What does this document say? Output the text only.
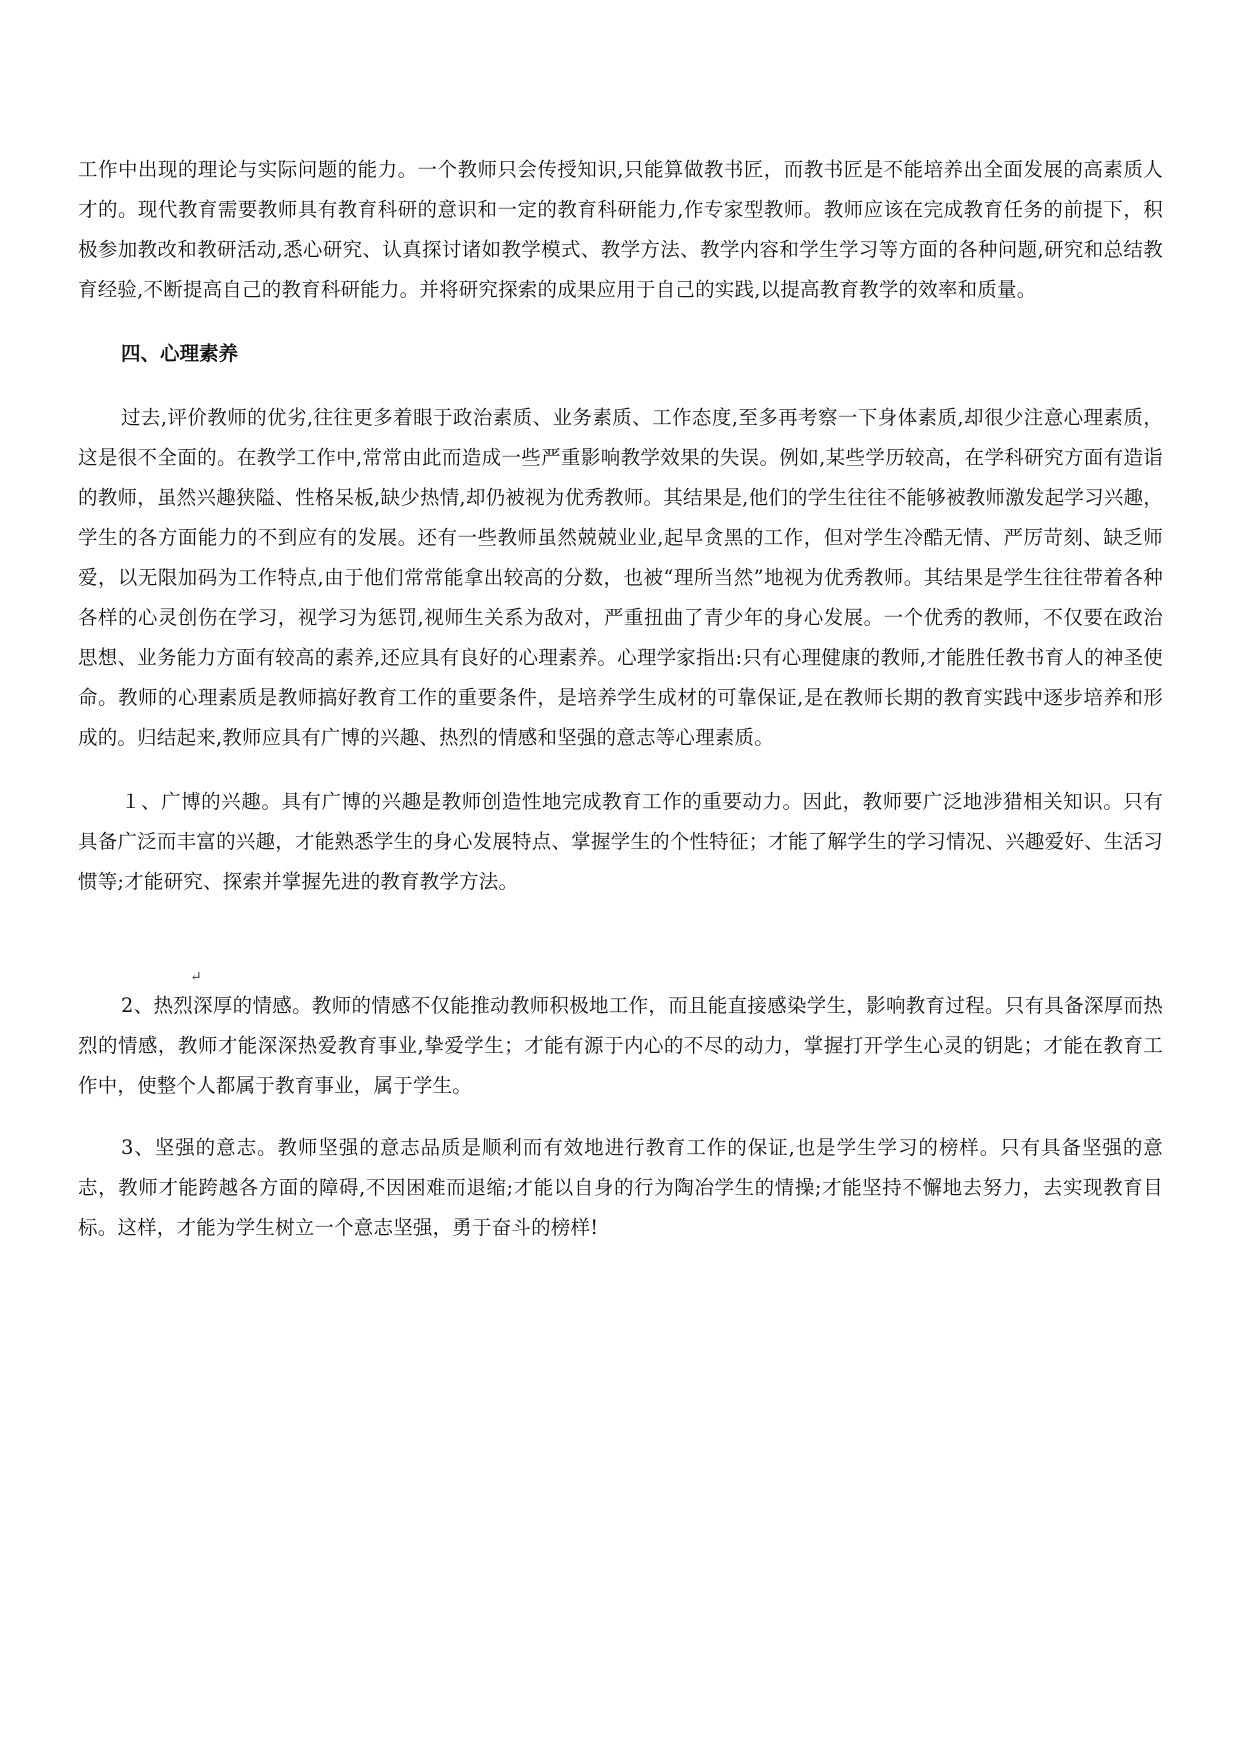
工作中出现的理论与实际问题的能力。一个教师只会传授知识,只能算做教书匠，而教书匠是不能培养出全面发展的高素质人才的。现代教育需要教师具有教育科研的意识和一定的教育科研能力,作专家型教师。教师应该在完成教育任务的前提下，积极参加教改和教研活动,悉心研究、认真探讨诸如教学模式、教学方法、教学内容和学生学习等方面的各种问题,研究和总结教育经验,不断提高自己的教育科研能力。并将研究探索的成果应用于自己的实践,以提高教育教学的效率和质量。

四、心理素养

过去,评价教师的优劣,往往更多着眼于政治素质、业务素质、工作态度,至多再考察一下身体素质,却很少注意心理素质，这是很不全面的。在教学工作中,常常由此而造成一些严重影响教学效果的失误。例如,某些学历较高，在学科研究方面有造诣的教师，虽然兴趣狭隘、性格呆板,缺少热情,却仍被视为优秀教师。其结果是,他们的学生往往不能够被教师激发起学习兴趣，学生的各方面能力的不到应有的发展。还有一些教师虽然兢兢业业,起早贪黑的工作，但对学生冷酷无情、严厉苛刻、缺乏师爱，以无限加码为工作特点,由于他们常常能拿出较高的分数，也被“理所当然”地视为优秀教师。其结果是学生往往带着各种各样的心灵创伤在学习，视学习为惩罚,视师生关系为敌对，严重扭曲了青少年的身心发展。一个优秀的教师，不仅要在政治思想、业务能力方面有较高的素养,还应具有良好的心理素养。心理学家指出:只有心理健康的教师,才能胜任教书育人的神圣使命。教师的心理素质是教师搞好教育工作的重要条件，是培养学生成材的可靠保证,是在教师长期的教育实践中逐步培养和形成的。归结起来,教师应具有广博的兴趣、热烈的情感和坚强的意志等心理素质。

１、广博的兴趣。具有广博的兴趣是教师创造性地完成教育工作的重要动力。因此，教师要广泛地涉猎相关知识。只有具备广泛而丰富的兴趣，才能熟悉学生的身心发展特点、掌握学生的个性特征；才能了解学生的学习情况、兴趣爱好、生活习惯等;才能研究、探索并掌握先进的教育教学方法。

↵

2、热烈深厚的情感。教师的情感不仅能推动教师积极地工作，而且能直接感染学生，影响教育过程。只有具备深厚而热烈的情感，教师才能深深热爱教育事业,挚爱学生；才能有源于内心的不尽的动力，掌握打开学生心灵的钥匙；才能在教育工作中，使整个人都属于教育事业，属于学生。

3、坚强的意志。教师坚强的意志品质是顺利而有效地进行教育工作的保证,也是学生学习的榜样。只有具备坚强的意志，教师才能跨越各方面的障碍,不因困难而退缩;才能以自身的行为陶冶学生的情操;才能坚持不懈地去努力，去实现教育目标。这样，才能为学生树立一个意志坚强，勇于奋斗的榜样!
